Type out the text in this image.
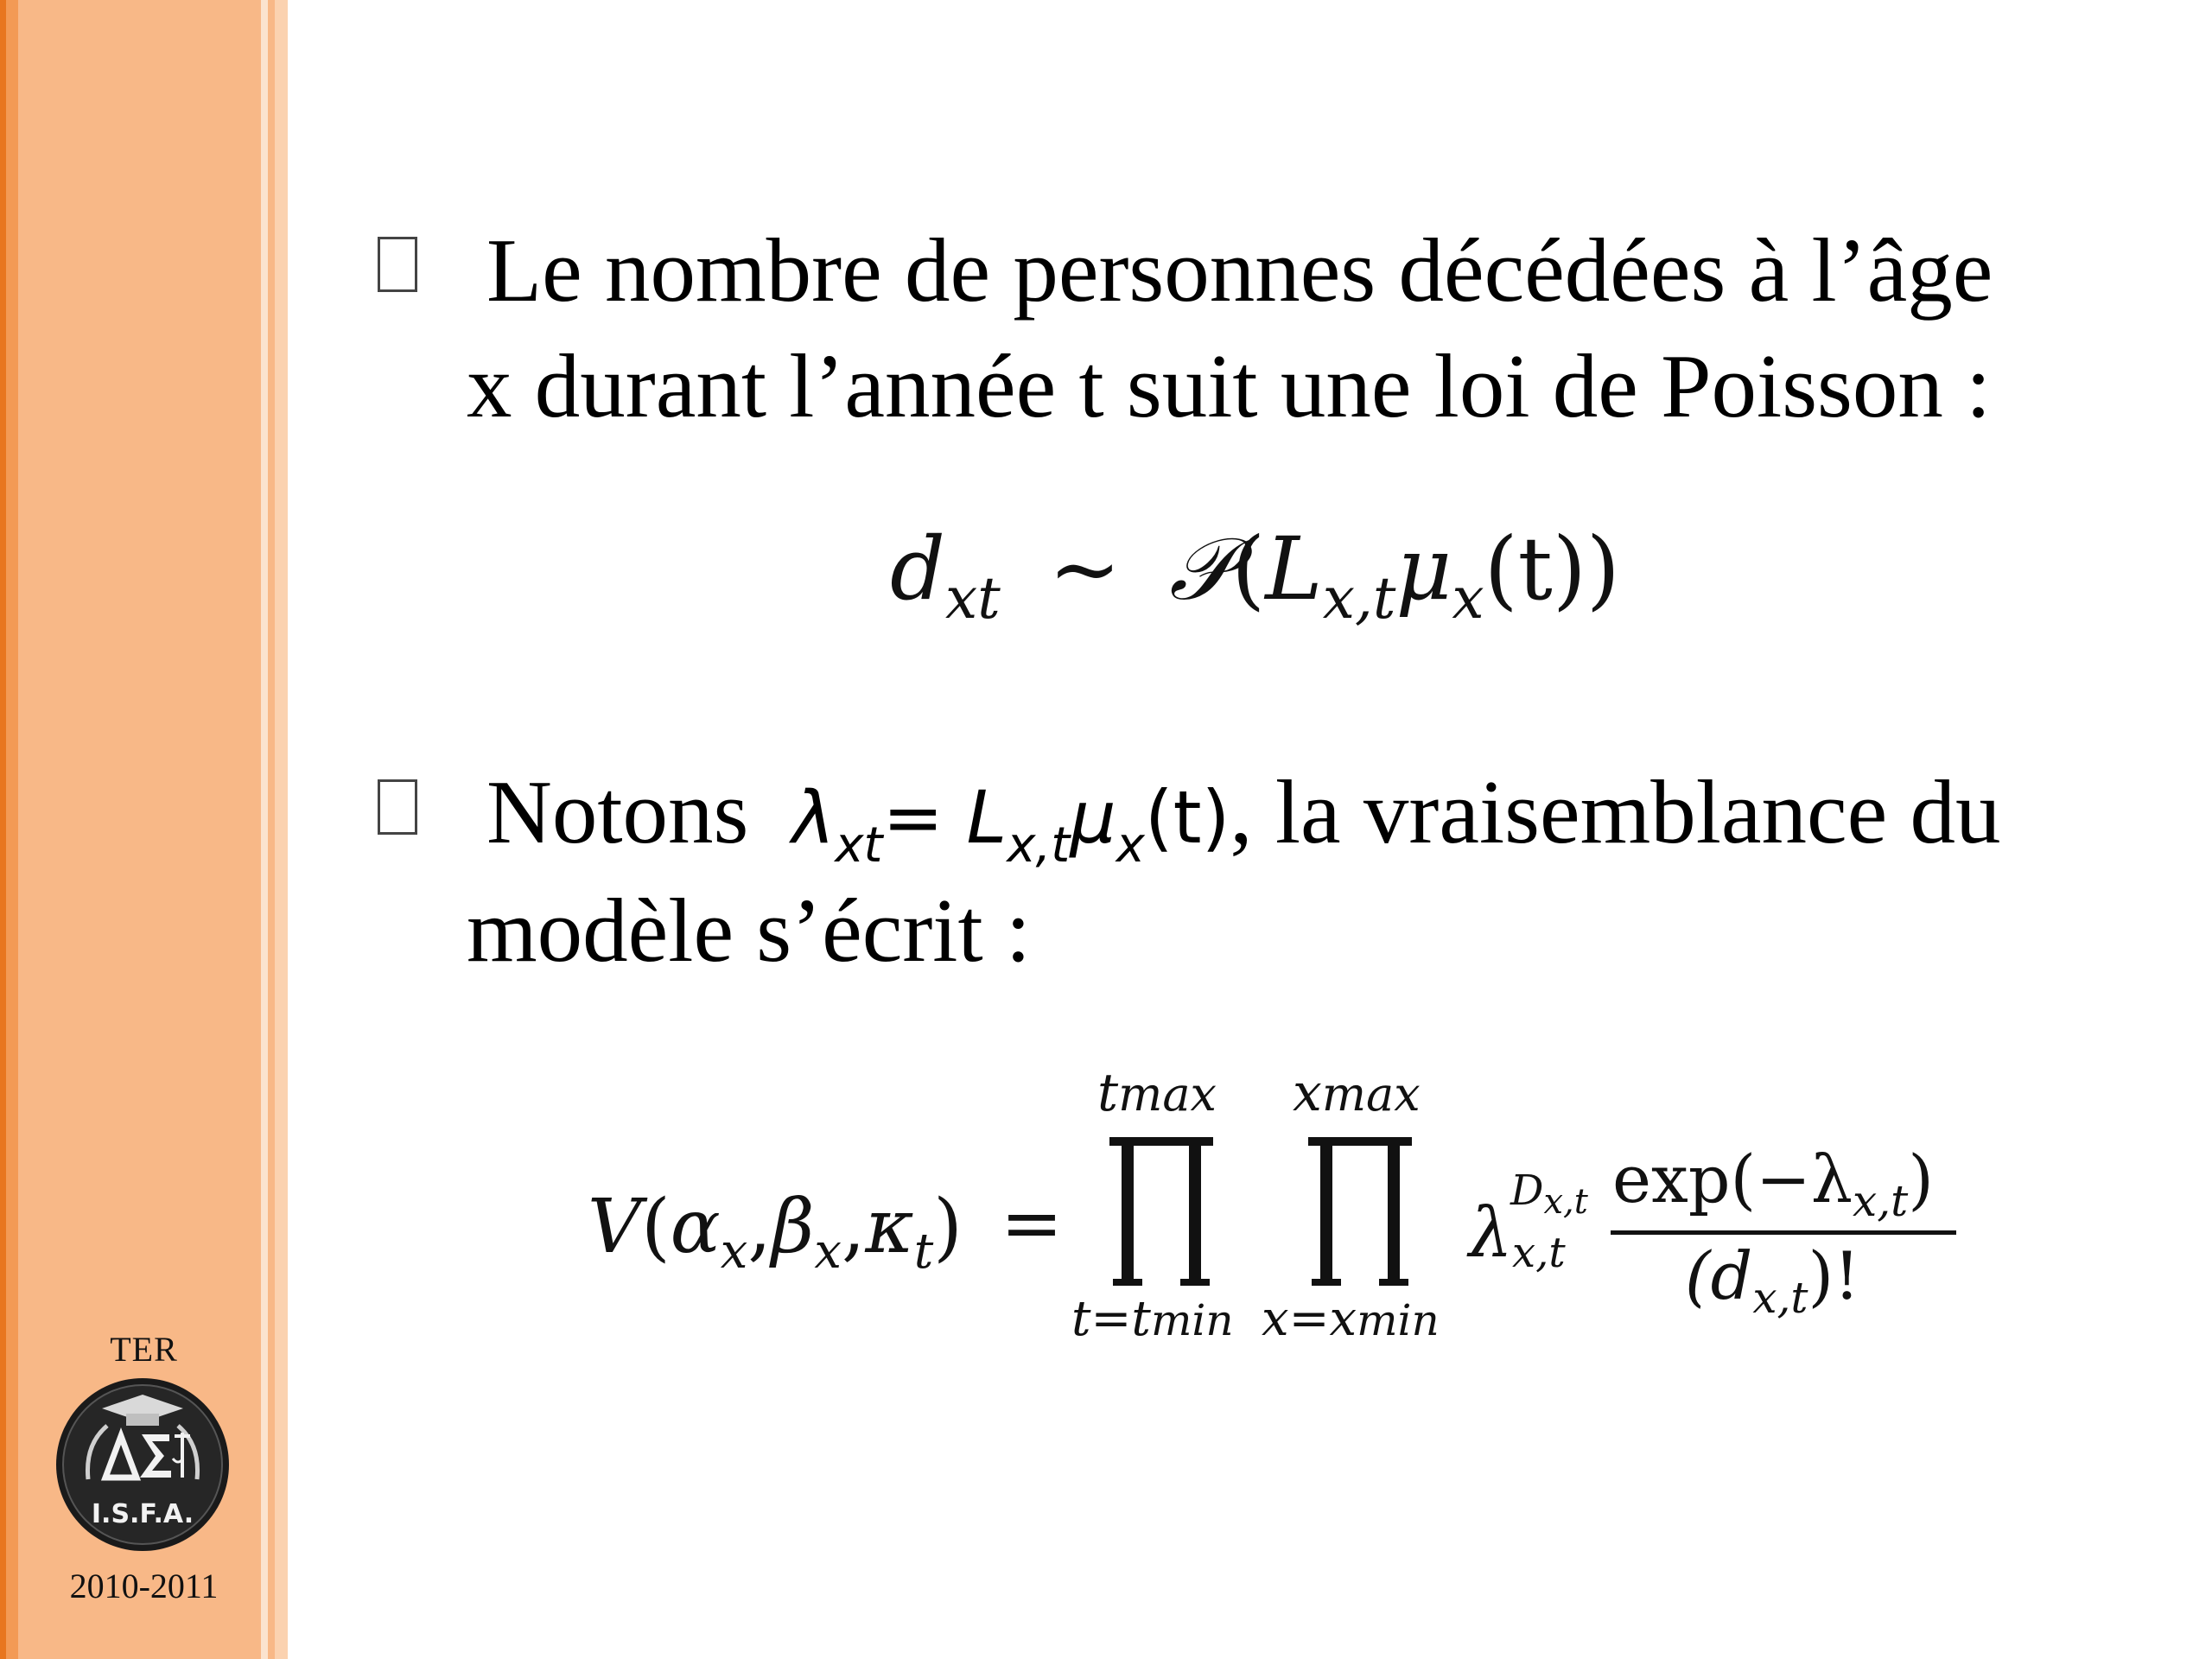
TER
I.S.F.A.
2010-2011
Le nombre de personnes décédées à l’âge
x durant l’année t suit une loi de Poisson :
$d_{xt}$ ~ $𝒫(L_{x,t}\mu_x(t))$
Notons $\lambda_{xt}= L_{x,t}\mu_x(t)$, la vraisemblance du
modèle s’écrit :
$V(\alpha_x,\beta_x,\kappa_t)$ =
tmax
t=tmin
xmax
x=xmin
λ
$D_{x,t}$
x,t
$\exp(-\lambda_{x,t})$
$(d_{x,t})$!
